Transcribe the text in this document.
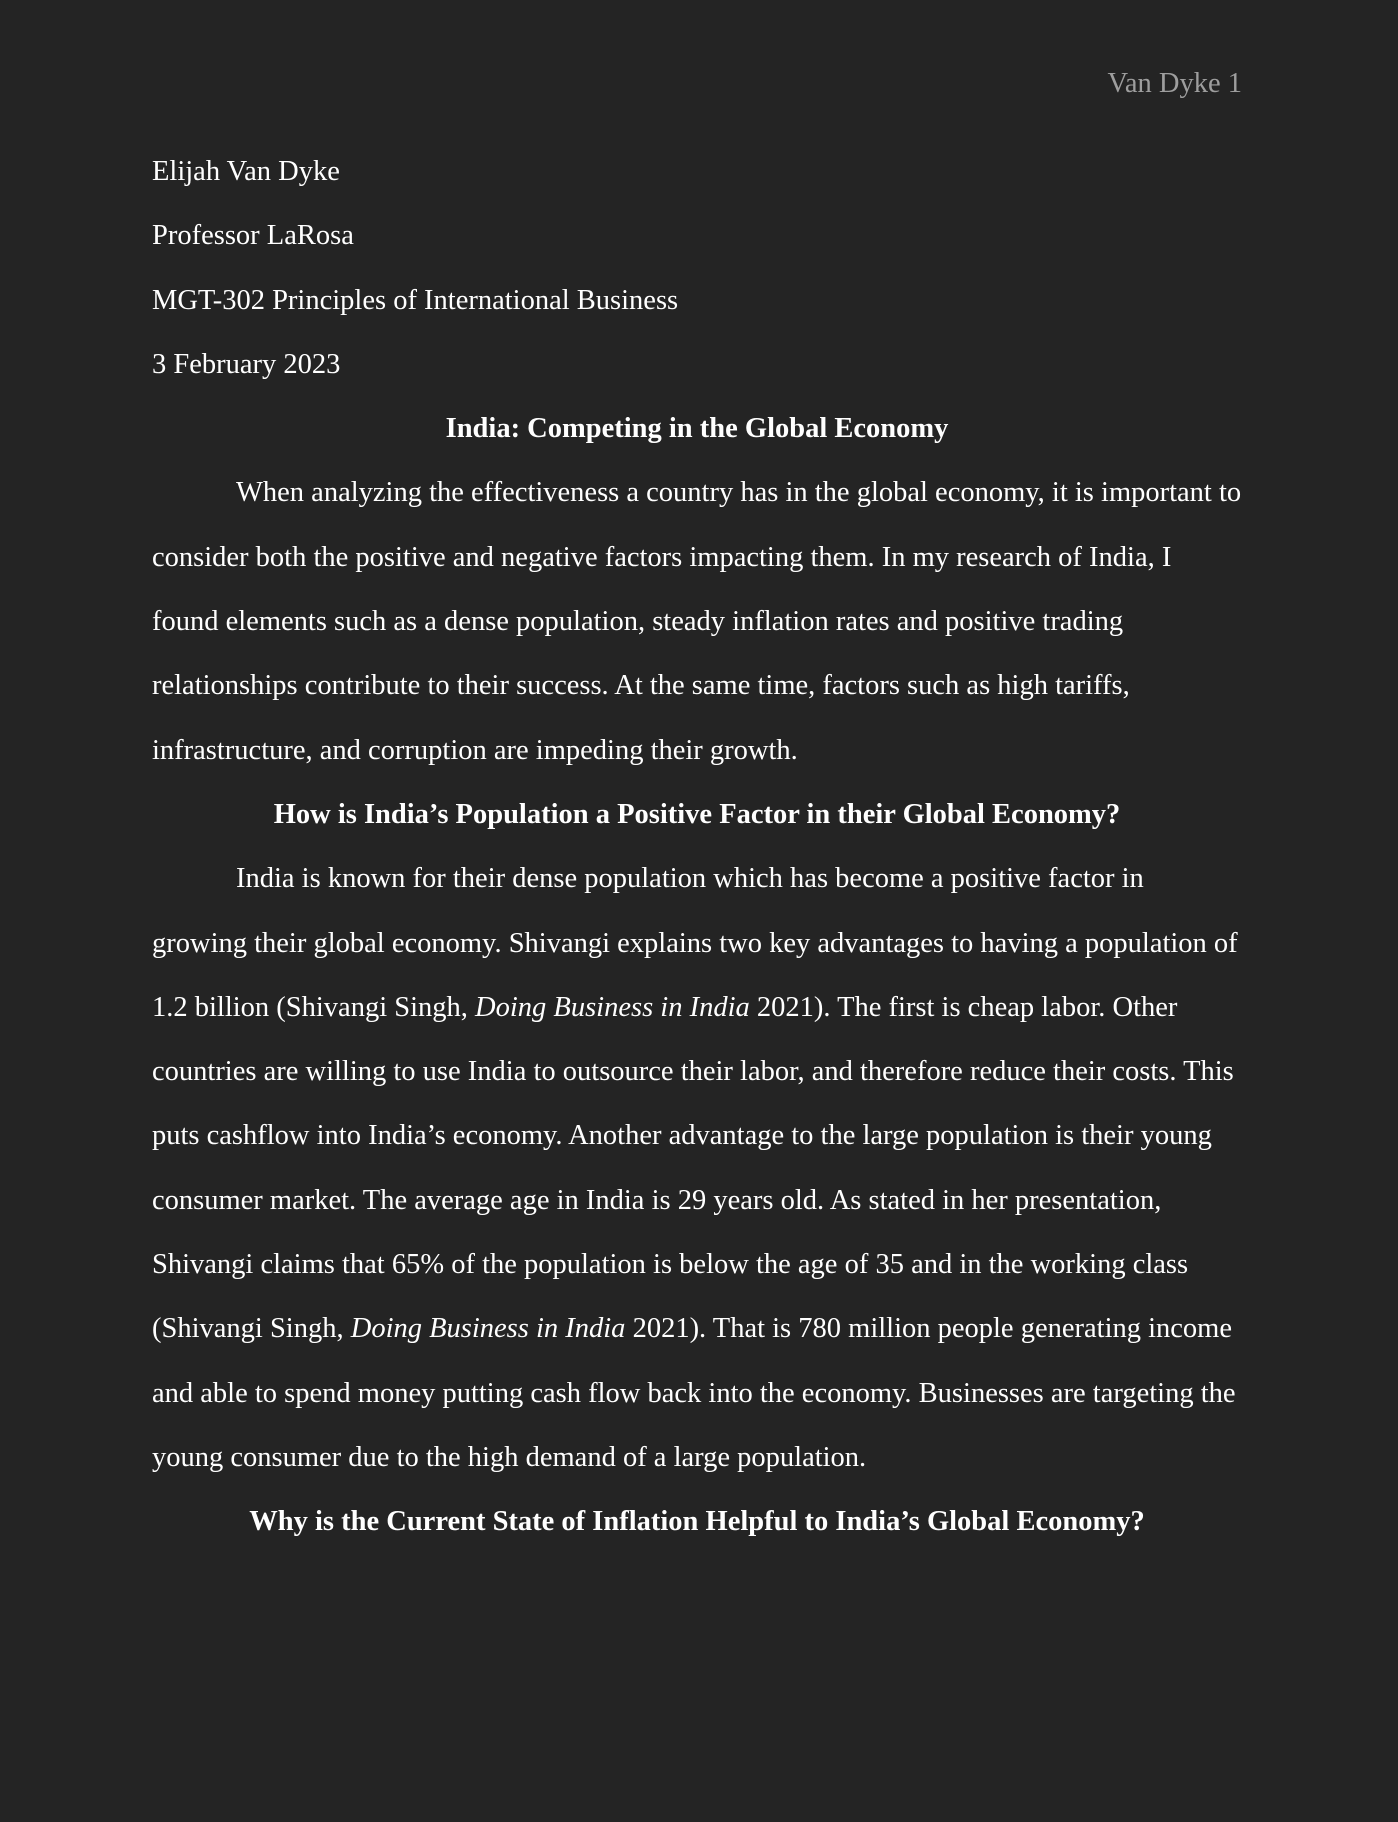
Van Dyke 1

Elijah Van Dyke

Professor LaRosa

MGT-302 Principles of International Business

3 February 2023

India: Competing in the Global Economy

When analyzing the effectiveness a country has in the global economy, it is important to consider both the positive and negative factors impacting them. In my research of India, I found elements such as a dense population, steady inflation rates and positive trading relationships contribute to their success. At the same time, factors such as high tariffs, infrastructure, and corruption are impeding their growth.

How is India’s Population a Positive Factor in their Global Economy?

India is known for their dense population which has become a positive factor in growing their global economy. Shivangi explains two key advantages to having a population of 1.2 billion (Shivangi Singh, Doing Business in India 2021). The first is cheap labor. Other countries are willing to use India to outsource their labor, and therefore reduce their costs. This puts cashflow into India’s economy. Another advantage to the large population is their young consumer market. The average age in India is 29 years old. As stated in her presentation, Shivangi claims that 65% of the population is below the age of 35 and in the working class (Shivangi Singh, Doing Business in India 2021). That is 780 million people generating income and able to spend money putting cash flow back into the economy. Businesses are targeting the young consumer due to the high demand of a large population.

Why is the Current State of Inflation Helpful to India’s Global Economy?
